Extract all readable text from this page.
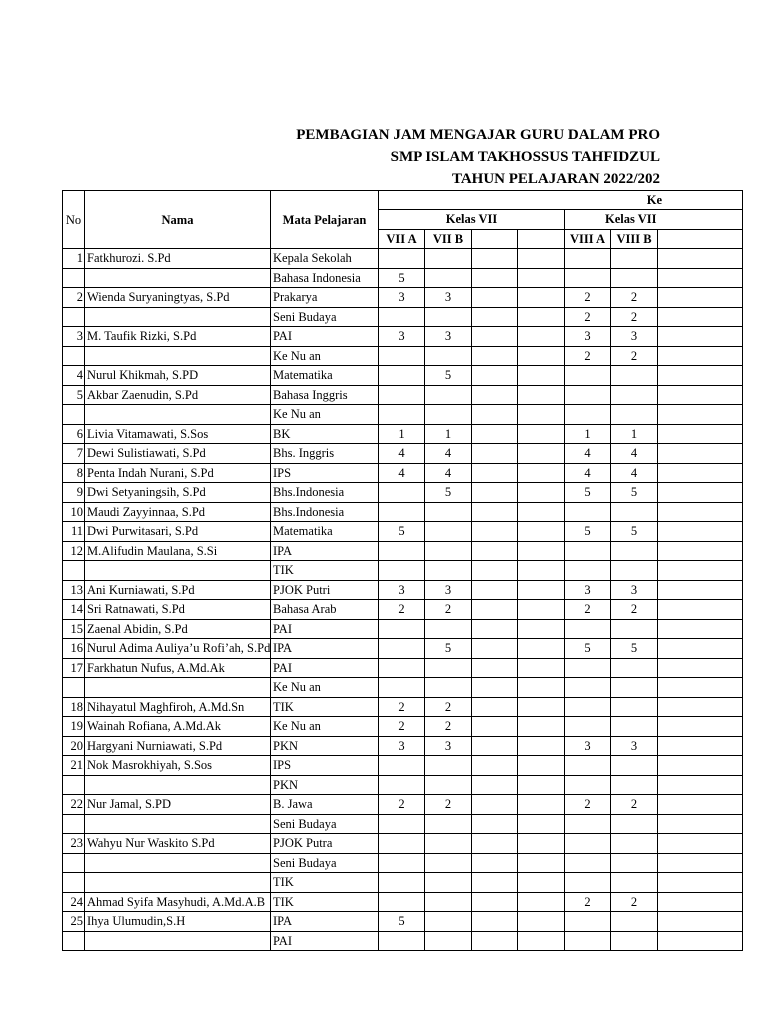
PEMBAGIAN JAM MENGAJAR GURU DALAM PRO
SMP ISLAM TAKHOSSUS TAHFIDZUL
TAHUN PELAJARAN 2022/202
No	Nama	Mata Pelajaran	Ke						
			Kelas VII				Kelas VII		
			VII A	VII B			VIII A	VIII B	
1	Fatkhurozi. S.Pd	Kepala Sekolah							
		Bahasa Indonesia	5						
2	Wienda Suryaningtyas, S.Pd	Prakarya	3	3			2	2	
		Seni Budaya					2	2	
3	M. Taufik Rizki, S.Pd	PAI	3	3			3	3	
		Ke Nu an					2	2	
4	Nurul Khikmah, S.PD	Matematika		5					
5	Akbar Zaenudin, S.Pd	Bahasa Inggris							
		Ke Nu an							
6	Livia Vitamawati, S.Sos	BK	1	1			1	1	
7	Dewi Sulistiawati, S.Pd	Bhs. Inggris	4	4			4	4	
8	Penta Indah Nurani, S.Pd	IPS	4	4			4	4	
9	Dwi Setyaningsih, S.Pd	Bhs.Indonesia		5			5	5	
10	Maudi Zayyinnaa, S.Pd	Bhs.Indonesia							
11	Dwi Purwitasari, S.Pd	Matematika	5				5	5	
12	M.Alifudin Maulana, S.Si	IPA							
		TIK							
13	Ani Kurniawati, S.Pd	PJOK Putri	3	3			3	3	
14	Sri Ratnawati, S.Pd	Bahasa Arab	2	2			2	2	
15	Zaenal Abidin, S.Pd	PAI							
16	Nurul Adima Auliya’u Rofi’ah, S.Pd	IPA		5			5	5	
17	Farkhatun Nufus, A.Md.Ak	PAI							
		Ke Nu an							
18	Nihayatul Maghfiroh, A.Md.Sn	TIK	2	2					
19	Wainah Rofiana, A.Md.Ak	Ke Nu an	2	2					
20	Hargyani Nurniawati, S.Pd	PKN	3	3			3	3	
21	Nok Masrokhiyah, S.Sos	IPS							
		PKN							
22	Nur Jamal, S.PD	B. Jawa	2	2			2	2	
		Seni Budaya							
23	Wahyu Nur Waskito S.Pd	PJOK Putra							
		Seni Budaya							
		TIK							
24	Ahmad Syifa Masyhudi, A.Md.A.B	TIK					2	2	
25	Ihya Ulumudin,S.H	IPA	5						
		PAI							
